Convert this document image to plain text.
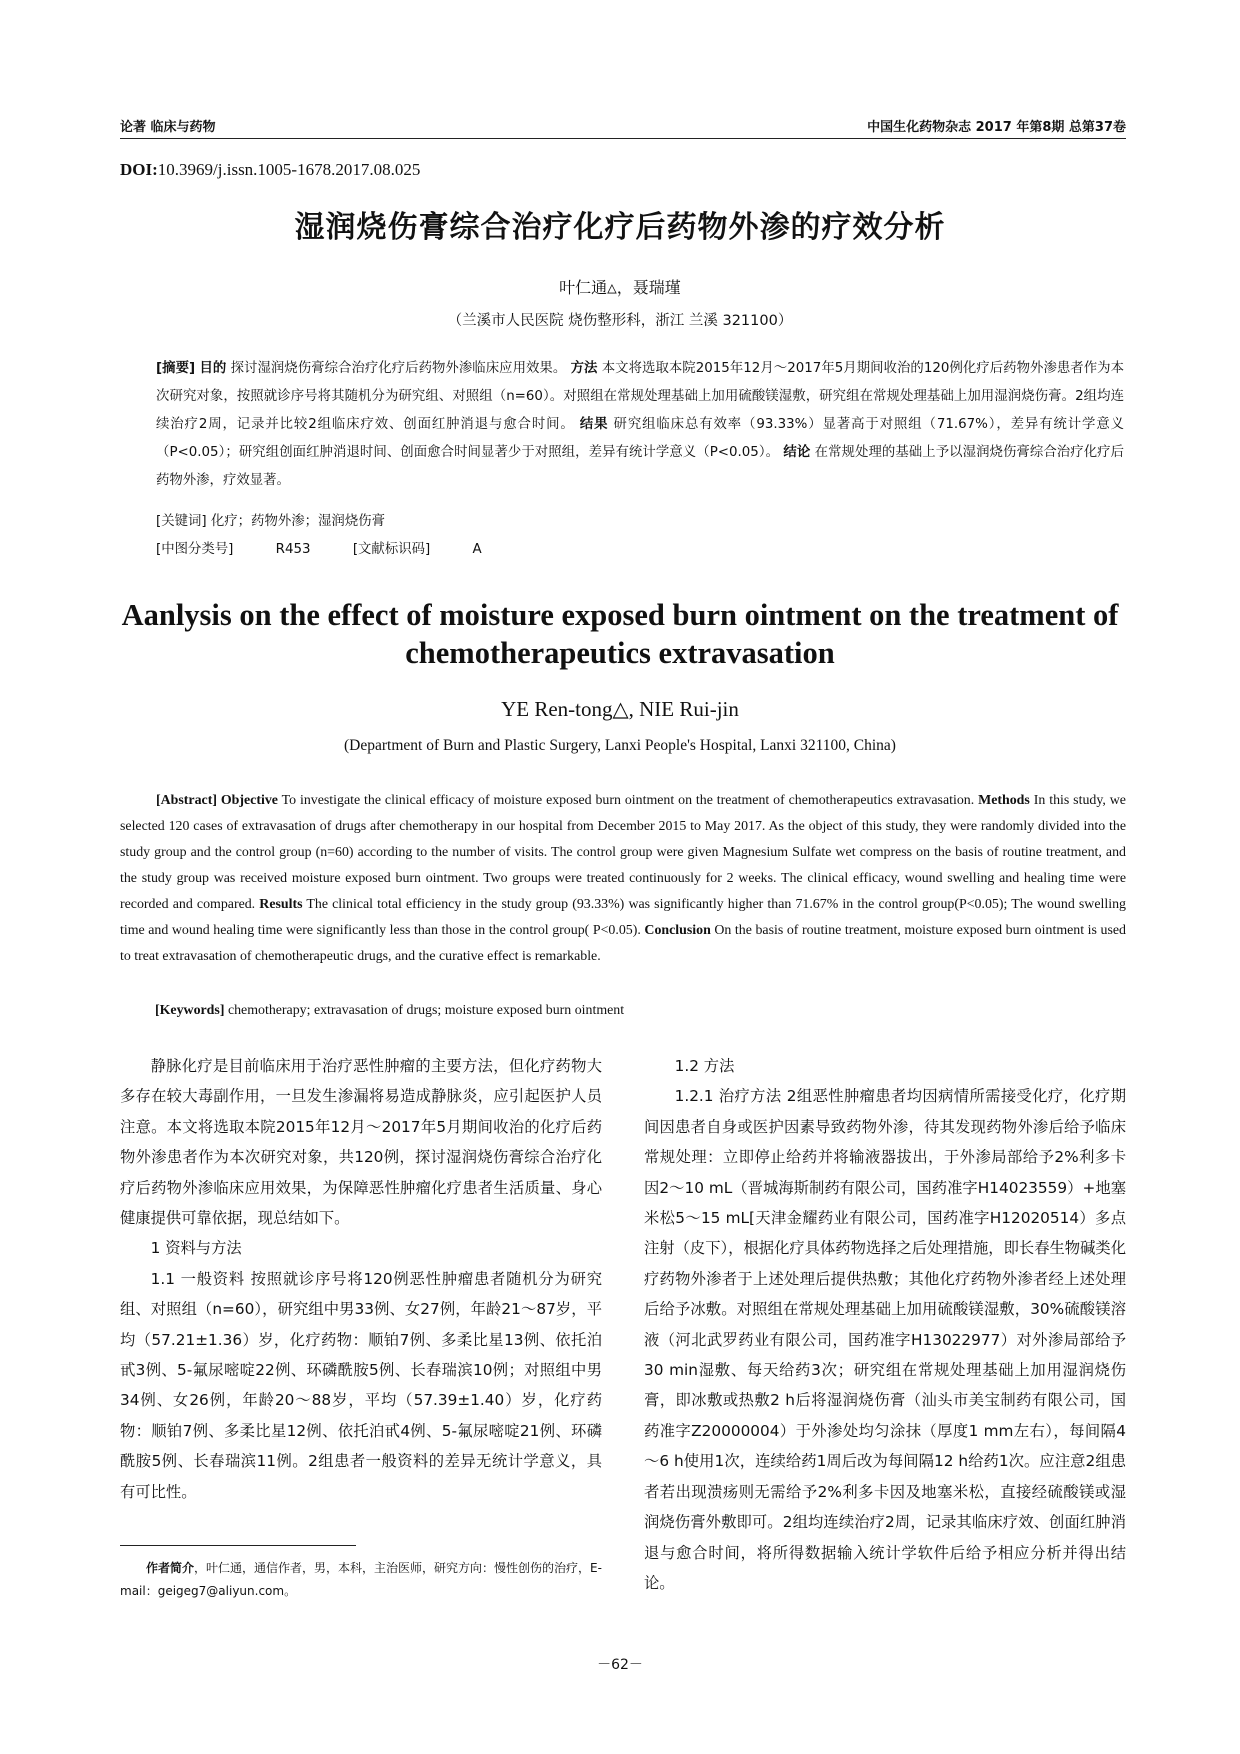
论著 临床与药物	中国生化药物杂志 2017 年第8期 总第37卷
DOI:10.3969/j.issn.1005-1678.2017.08.025
湿润烧伤膏综合治疗化疗后药物外渗的疗效分析
叶仁通△，聂瑞瑾
（兰溪市人民医院 烧伤整形科，浙江 兰溪 321100）
[摘要] 目的 探讨湿润烧伤膏综合治疗化疗后药物外渗临床应用效果。 方法 本文将选取本院2015年12月～2017年5月期间收治的120例化疗后药物外渗患者作为本次研究对象，按照就诊序号将其随机分为研究组、对照组（n=60）。对照组在常规处理基础上加用硫酸镁湿敷，研究组在常规处理基础上加用湿润烧伤膏。2组均连续治疗2周，记录并比较2组临床疗效、创面红肿消退与愈合时间。 结果 研究组临床总有效率（93.33%）显著高于对照组（71.67%），差异有统计学意义（P<0.05）；研究组创面红肿消退时间、创面愈合时间显著少于对照组，差异有统计学意义（P<0.05）。 结论 在常规处理的基础上予以湿润烧伤膏综合治疗化疗后药物外渗，疗效显著。
[关键词] 化疗；药物外渗；湿润烧伤膏
[中图分类号]	R453	[文献标识码]	A
Aanlysis on the effect of moisture exposed burn ointment on the treatment of chemotherapeutics extravasation
YE Ren-tong△, NIE Rui-jin
(Department of Burn and Plastic Surgery, Lanxi People's Hospital, Lanxi 321100, China)
[Abstract] Objective To investigate the clinical efficacy of moisture exposed burn ointment on the treatment of chemotherapeutics extravasation. Methods In this study, we selected 120 cases of extravasation of drugs after chemotherapy in our hospital from December 2015 to May 2017. As the object of this study, they were randomly divided into the study group and the control group (n=60) according to the number of visits. The control group were given Magnesium Sulfate wet compress on the basis of routine treatment, and the study group was received moisture exposed burn ointment. Two groups were treated continuously for 2 weeks. The clinical efficacy, wound swelling and healing time were recorded and compared. Results The clinical total efficiency in the study group (93.33%) was significantly higher than 71.67% in the control group(P<0.05); The wound swelling time and wound healing time were significantly less than those in the control group( P<0.05). Conclusion On the basis of routine treatment, moisture exposed burn ointment is used to treat extravasation of chemotherapeutic drugs, and the curative effect is remarkable.
[Keywords] chemotherapy; extravasation of drugs; moisture exposed burn ointment

静脉化疗是目前临床用于治疗恶性肿瘤的主要方法，但化疗药物大多存在较大毒副作用，一旦发生渗漏将易造成静脉炎，应引起医护人员注意。本文将选取本院2015年12月～2017年5月期间收治的化疗后药物外渗患者作为本次研究对象，共120例，探讨湿润烧伤膏综合治疗化疗后药物外渗临床应用效果，为保障恶性肿瘤化疗患者生活质量、身心健康提供可靠依据，现总结如下。

1 资料与方法

1.1 一般资料 按照就诊序号将120例恶性肿瘤患者随机分为研究组、对照组（n=60），研究组中男33例、女27例，年龄21～87岁，平均（57.21±1.36）岁，化疗药物：顺铂7例、多柔比星13例、依托泊甙3例、5-氟尿嘧啶22例、环磷酰胺5例、长春瑞滨10例；对照组中男34例、女26例，年龄20～88岁，平均（57.39±1.40）岁，化疗药物：顺铂7例、多柔比星12例、依托泊甙4例、5-氟尿嘧啶21例、环磷酰胺5例、长春瑞滨11例。2组患者一般资料的差异无统计学意义，具有可比性。

1.2 方法

1.2.1 治疗方法 2组恶性肿瘤患者均因病情所需接受化疗，化疗期间因患者自身或医护因素导致药物外渗，待其发现药物外渗后给予临床常规处理：立即停止给药并将输液器拔出，于外渗局部给予2%利多卡因2～10 mL（晋城海斯制药有限公司，国药准字H14023559）+地塞米松5～15 mL[天津金耀药业有限公司，国药准字H12020514）多点注射（皮下），根据化疗具体药物选择之后处理措施，即长春生物碱类化疗药物外渗者于上述处理后提供热敷；其他化疗药物外渗者经上述处理后给予冰敷。对照组在常规处理基础上加用硫酸镁湿敷，30%硫酸镁溶液（河北武罗药业有限公司，国药准字H13022977）对外渗局部给予30 min湿敷、每天给药3次；研究组在常规处理基础上加用湿润烧伤膏，即冰敷或热敷2 h后将湿润烧伤膏（汕头市美宝制药有限公司，国药准字Z20000004）于外渗处均匀涂抹（厚度1 mm左右），每间隔4～6 h使用1次，连续给药1周后改为每间隔12 h给药1次。应注意2组患者若出现溃疡则无需给予2%利多卡因及地塞米松，直接经硫酸镁或湿润烧伤膏外敷即可。2组均连续治疗2周，记录其临床疗效、创面红肿消退与愈合时间，将所得数据输入统计学软件后给予相应分析并得出结论。

作者简介，叶仁通，通信作者，男，本科，主治医师，研究方向：慢性创伤的治疗，E-mail：geigeg7@aliyun.com。
－62－
